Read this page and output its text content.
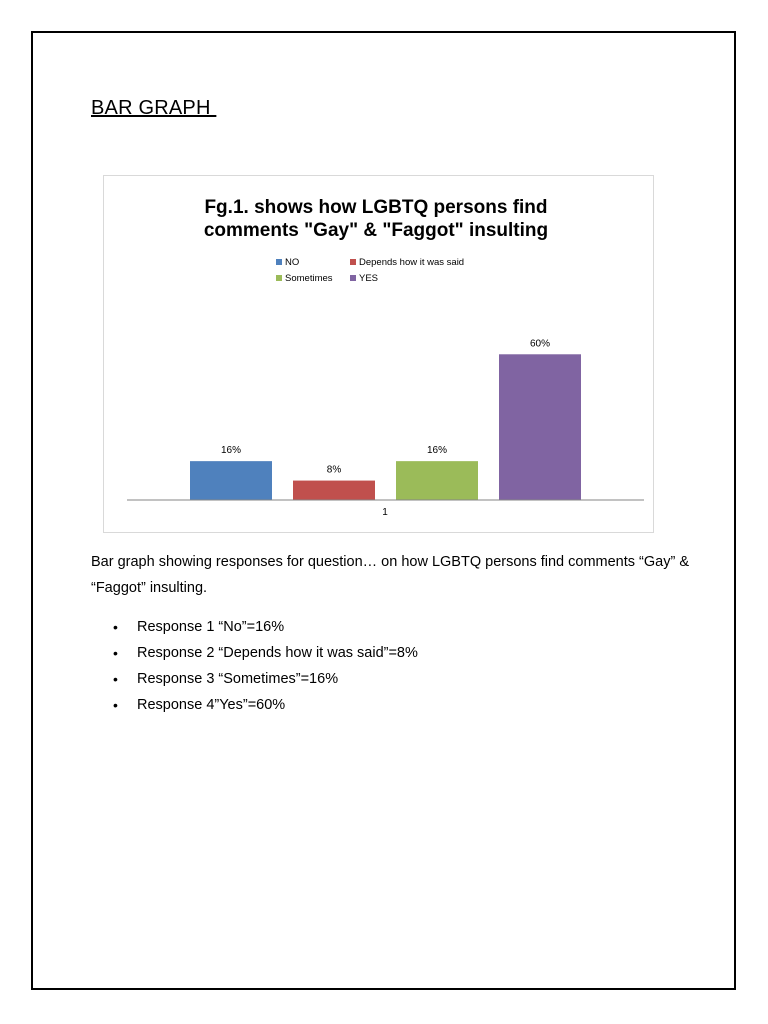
BAR GRAPH
Fg.1. shows how LGBTQ persons find
comments "Gay" & "Faggot" insulting
NO	Depends how it was said
Sometimes	YES
16%
8%
16%
60%
1
Bar graph showing responses for question… on how LGBTQ persons find comments “Gay” & “Faggot” insulting.
• Response 1 “No”=16%
• Response 2 “Depends how it was said”=8%
• Response 3 “Sometimes”=16%
• Response 4”Yes”=60%
